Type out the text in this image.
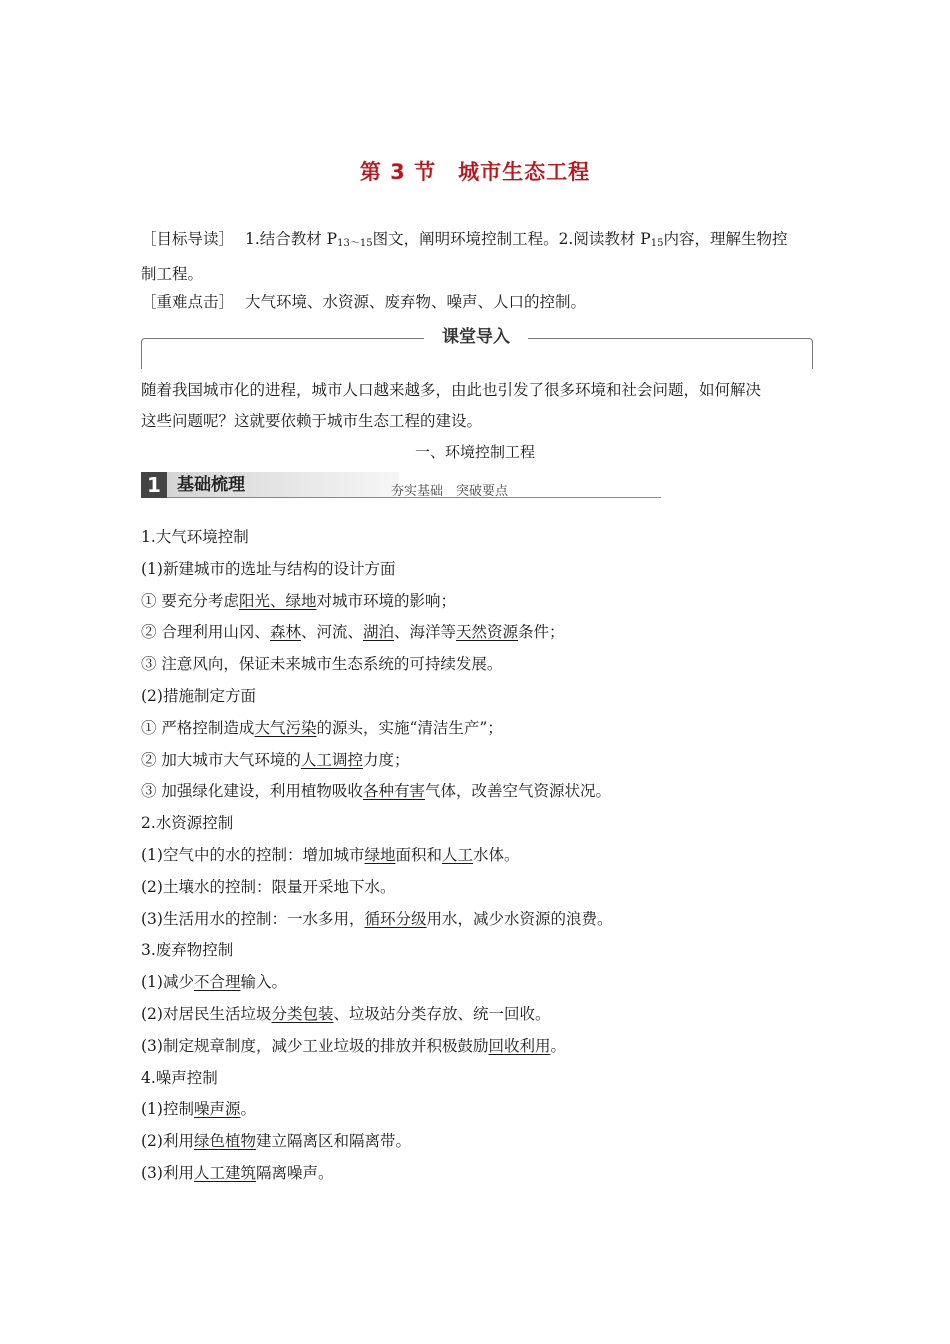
第 3 节 城市生态工程
［目标导读］ 1.结合教材 $P_{13\sim 15}$图文，阐明环境控制工程。2.阅读教材 $P_{15}$内容，理解生物控
制工程。
［重难点击］ 大气环境、水资源、废弃物、噪声、人口的控制。
课堂导入
随着我国城市化的进程，城市人口越来越多，由此也引发了很多环境和社会问题，如何解决
这些问题呢？这就要依赖于城市生态工程的建设。
一、环境控制工程
1 基础梳理	夯实基础　突破要点
1.大气环境控制
(1)新建城市的选址与结构的设计方面
① 要充分考虑阳光、绿地对城市环境的影响；
② 合理利用山冈、森林、河流、湖泊、海洋等天然资源条件；
③ 注意风向，保证未来城市生态系统的可持续发展。
(2)措施制定方面
① 严格控制造成大气污染的源头，实施“清洁生产”；
② 加大城市大气环境的人工调控力度；
③ 加强绿化建设，利用植物吸收各种有害气体，改善空气资源状况。
2.水资源控制
(1)空气中的水的控制：增加城市绿地面积和人工水体。
(2)土壤水的控制：限量开采地下水。
(3)生活用水的控制：一水多用，循环分级用水，减少水资源的浪费。
3.废弃物控制
(1)减少不合理输入。
(2)对居民生活垃圾分类包装、垃圾站分类存放、统一回收。
(3)制定规章制度，减少工业垃圾的排放并积极鼓励回收利用。
4.噪声控制
(1)控制噪声源。
(2)利用绿色植物建立隔离区和隔离带。
(3)利用人工建筑隔离噪声。
